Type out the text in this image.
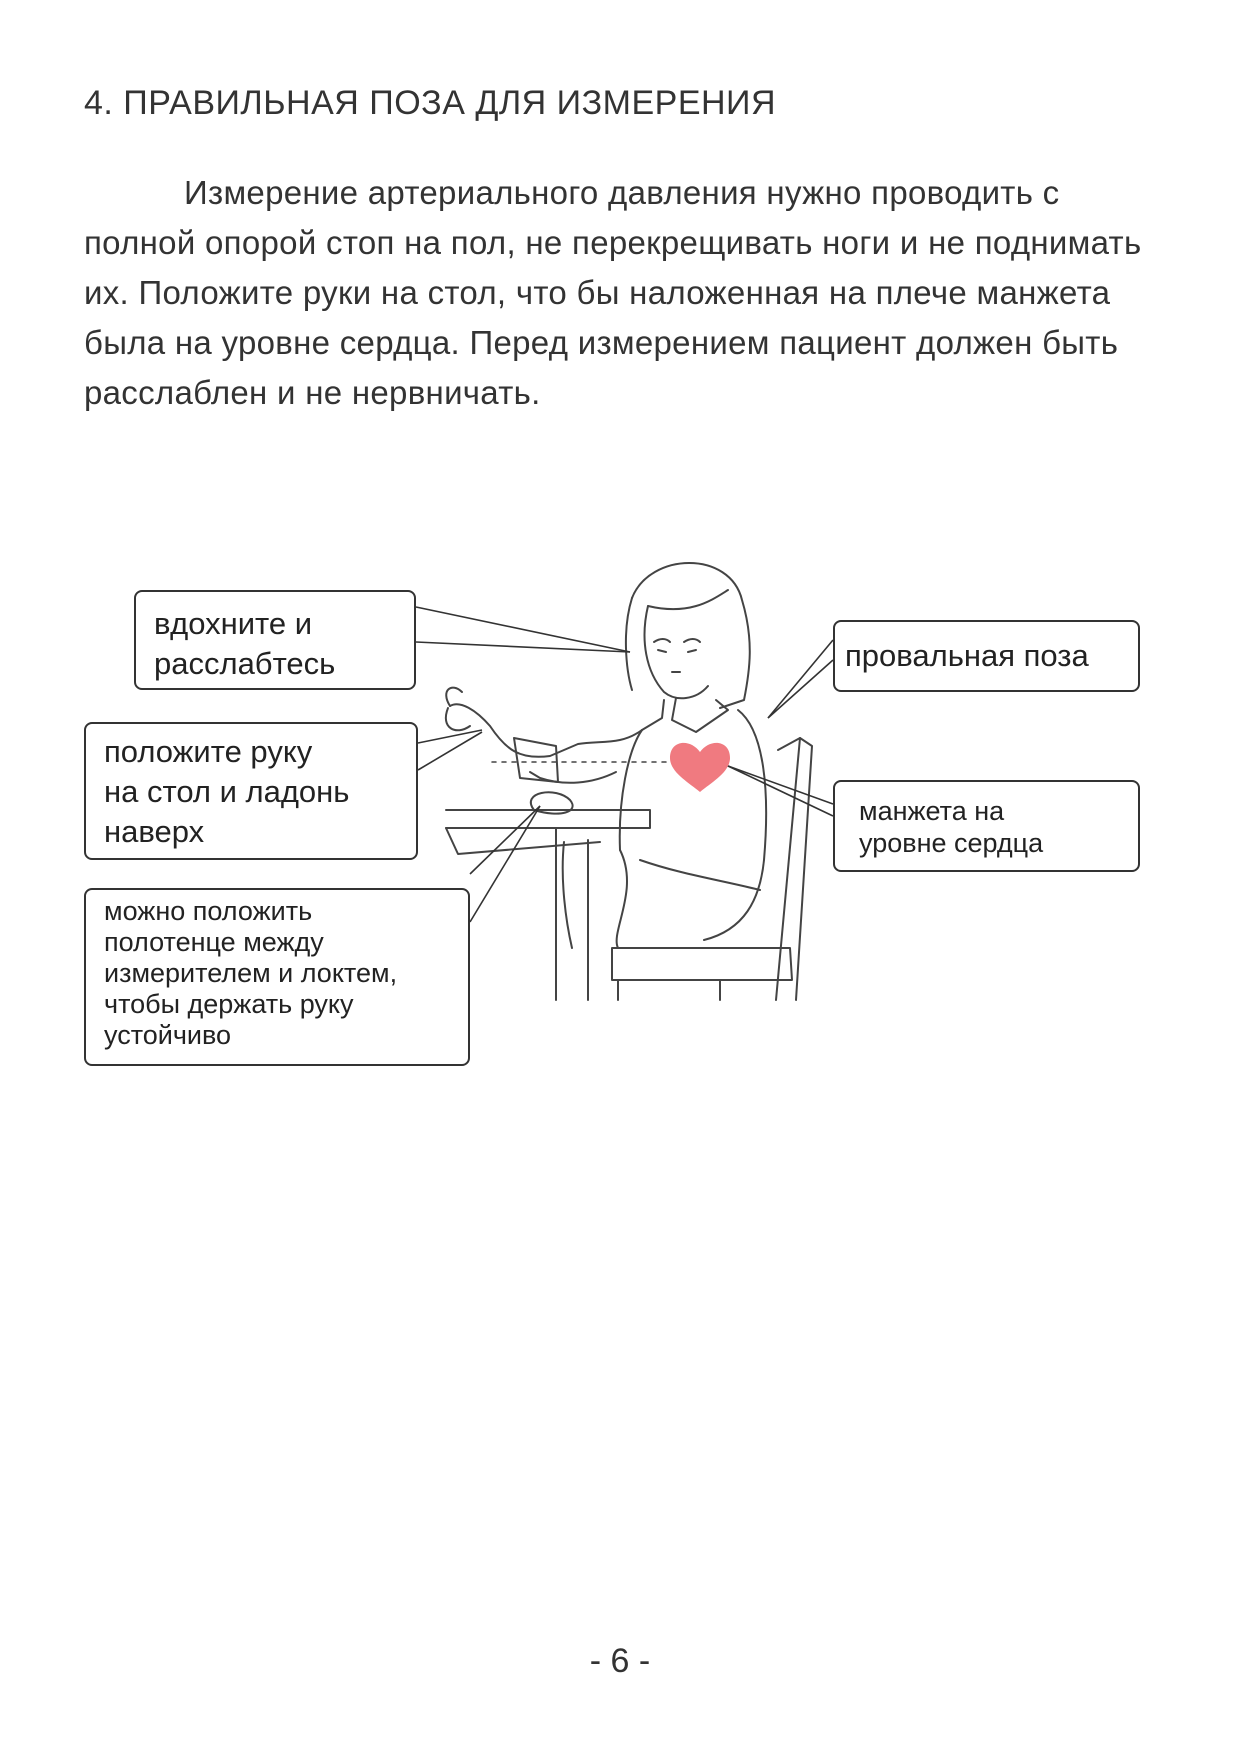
4. ПРАВИЛЬНАЯ ПОЗА ДЛЯ ИЗМЕРЕНИЯ

Измерение артериального давления нужно проводить с полной опорой стоп на пол, не перекрещивать ноги и не поднимать их. Положите руки на стол, что бы наложенная на плече манжета была на уровне сердца. Перед измерением пациент должен быть расслаблен и не нервничать.

вдохните и
расслабтесь
положите руку
на стол и ладонь
наверх
можно положить
полотенце между
измерителем и локтем,
чтобы держать руку
устойчиво
провальная поза
манжета на
уровне сердца
- 6 -
